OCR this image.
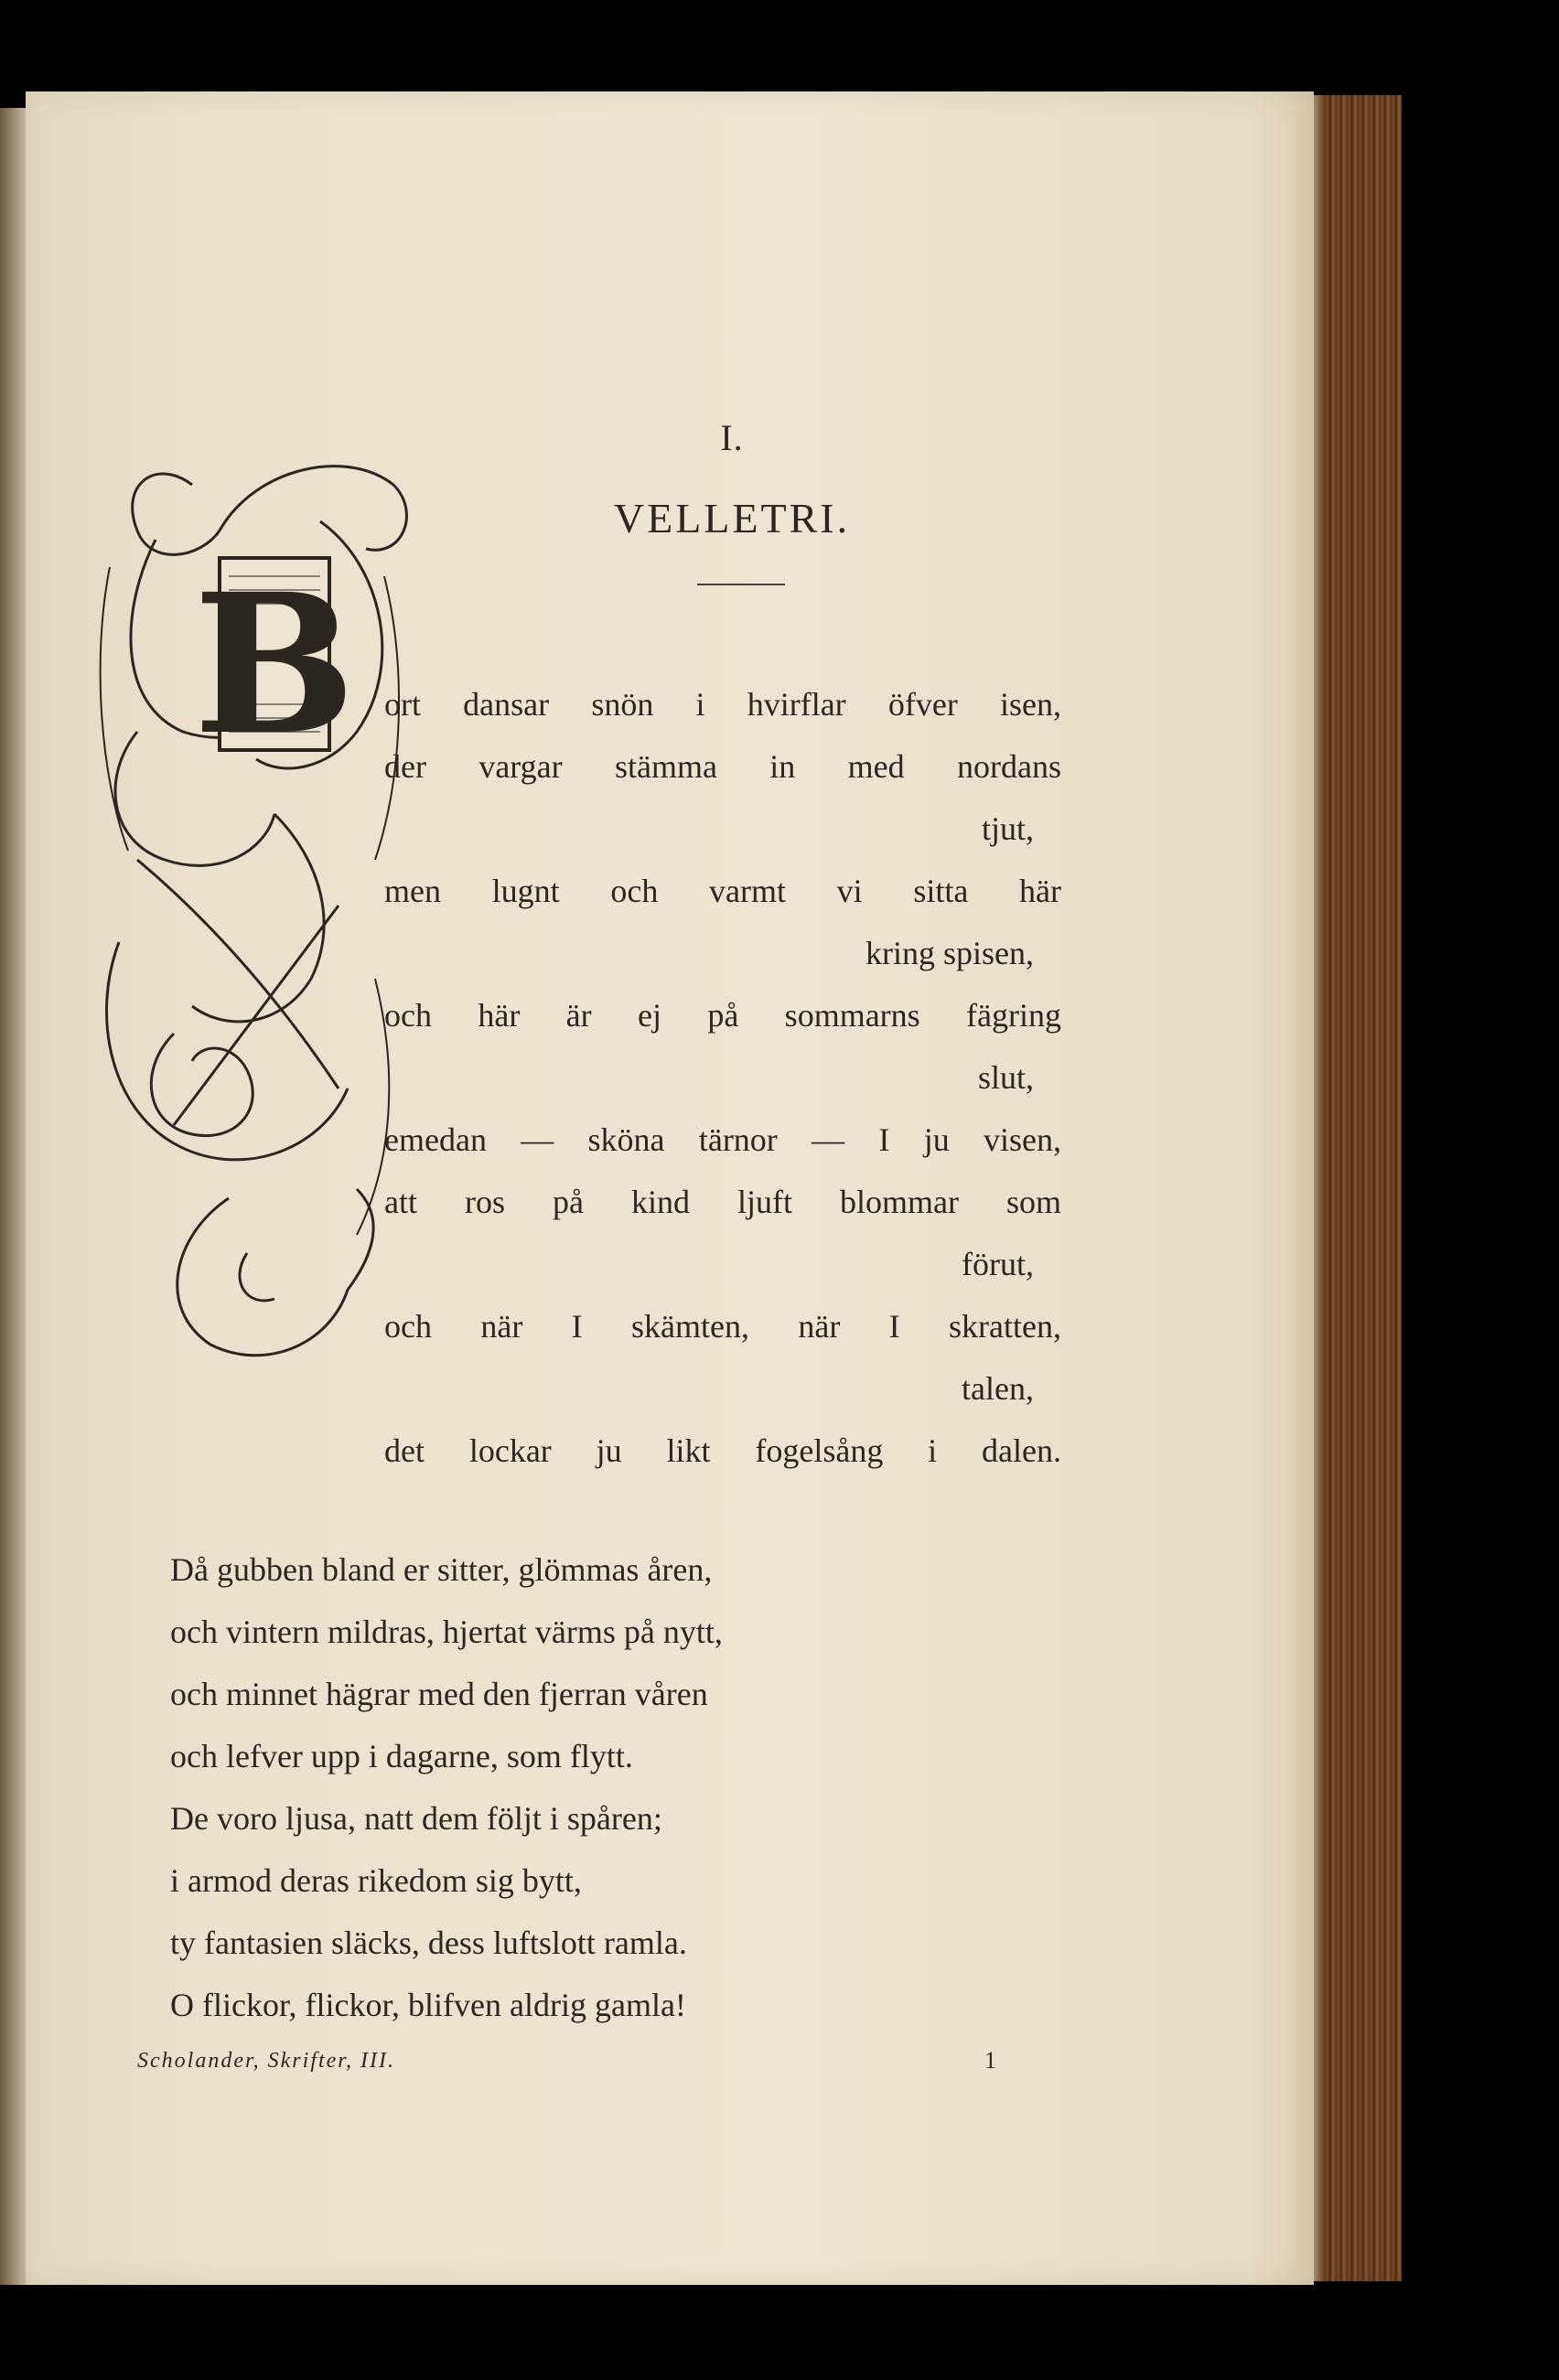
B
I.
VELLETRI.
ort dansar snön i hvirflar öfver isen,
der vargar stämma in med nordans
tjut,
men lugnt och varmt vi sitta här
kring spisen,
och här är ej på sommarns fägring
slut,
emedan — sköna tärnor — I ju visen,
att ros på kind ljuft blommar som
förut,
och när I skämten, när I skratten,
talen,
det lockar ju likt fogelsång i dalen.
Då gubben bland er sitter, glömmas åren,
och vintern mildras, hjertat värms på nytt,
och minnet hägrar med den fjerran våren
och lefver upp i dagarne, som flytt.
De voro ljusa, natt dem följt i spåren;
i armod deras rikedom sig bytt,
ty fantasien släcks, dess luftslott ramla.
O flickor, flickor, blifven aldrig gamla!
Scholander, Skrifter, III.	1
